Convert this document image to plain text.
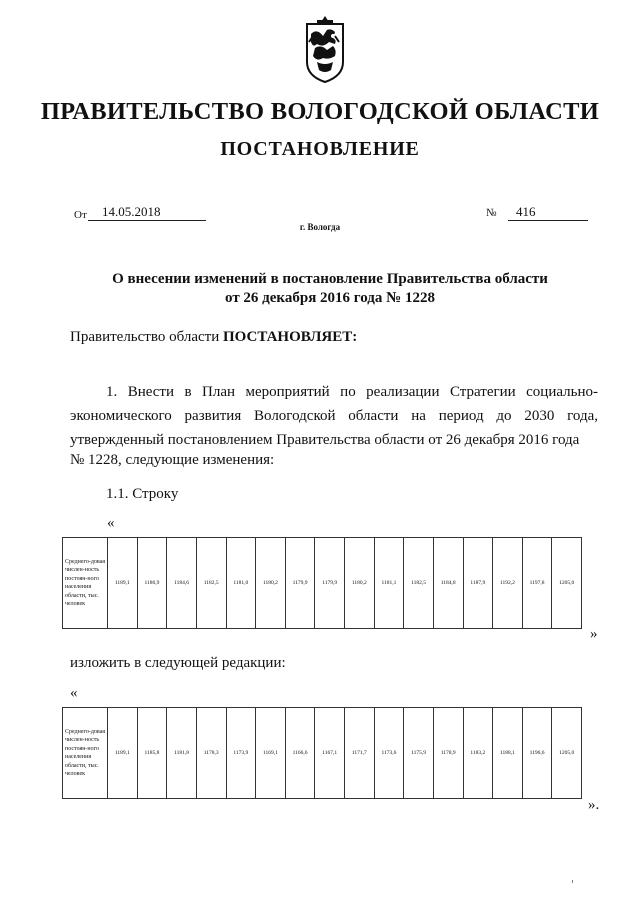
ПРАВИТЕЛЬСТВО ВОЛОГОДСКОЙ ОБЛАСТИ
ПОСТАНОВЛЕНИЕ
От	14.05.2018	№	416
г. Вологда
О внесении изменений в постановление Правительства области
от 26 декабря 2016 года № 1228
Правительство области ПОСТАНОВЛЯЕТ:
1. Внести в План мероприятий по реализации Стратегии социально-экономического развития Вологодской области на период до 2030 года, утвержденный постановлением Правительства области от 26 декабря 2016 года
№ 1228, следующие изменения:
1.1. Строку
«
Среднего-довая числен-ность постоян-ного населения области, тыс. человек	1189,1	1186,9	1184,6	1182,5	1181,0	1180,2	1179,9	1179,9	1180,2	1181,1	1182,5	1184,8	1187,9	1192,2	1197,8	1205,0
»
изложить в следующей редакции:
«
Среднего-довая числен-ность постоян-ного населения области, тыс. человек	1189,1	1185,8	1181,8	1178,3	1173,9	1169,1	1166,6	1167,1	1171,7	1173,6	1175,9	1178,9	1183,2	1188,1	1196,6	1205,0
».
